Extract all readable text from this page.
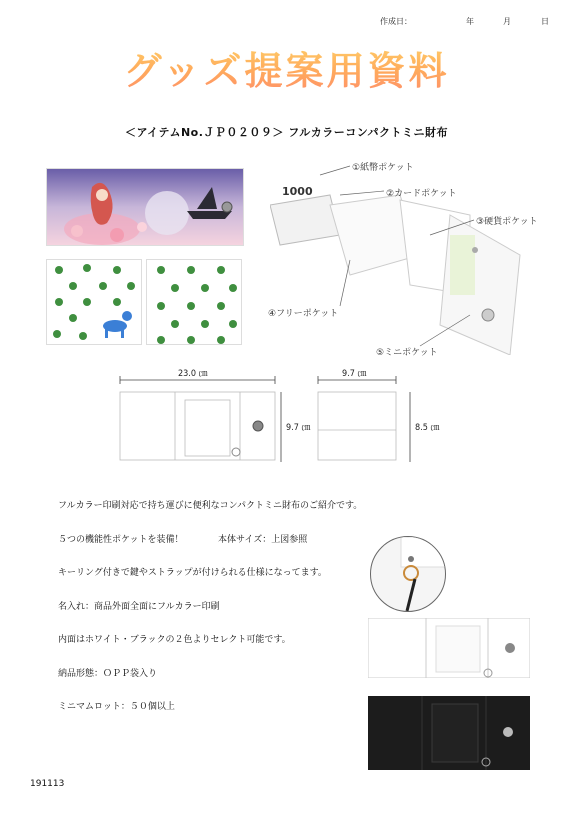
作成日：	年	月	日
グッズ提案用資料
＜アイテムNo.ＪＰ０２０９＞ フルカラーコンパクトミニ財布
1000
①紙幣ポケット
②カードポケット
③硬貨ポケット
④フリーポケット
⑤ミニポケット
23.0 ㎝	9.7 ㎝
9.7 ㎝	8.5 ㎝
フルカラー印刷対応で持ち運びに便利なコンパクトミニ財布のご紹介です。
５つの機能性ポケットを装備！	本体サイズ：上図参照
キーリング付きで鍵やストラップが付けられる仕様になってます。
名入れ：商品外面全面にフルカラー印刷
内面はホワイト・ブラックの２色よりセレクト可能です。
納品形態：ＯＰＰ袋入り
ミニマムロット：５０個以上
191113
